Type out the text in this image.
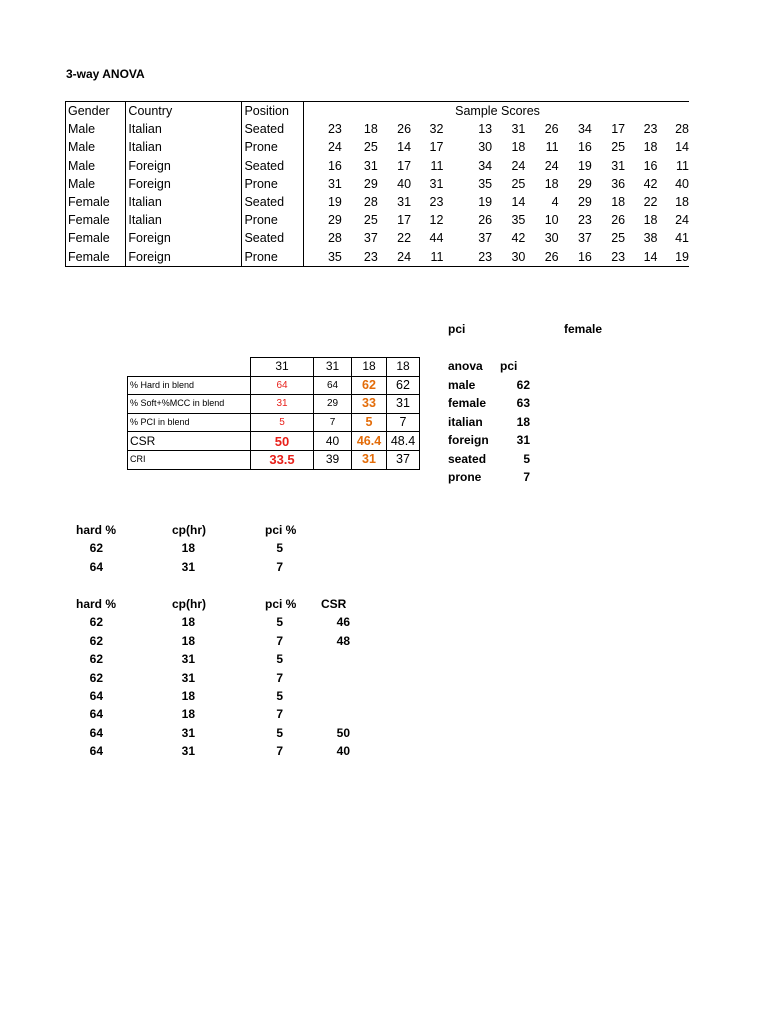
3-way ANOVA
Gender	Country	Position	Sample Scores										
Male	Italian	Seated	23	18	26	32	13	31	26	34	17	23	28
Male	Italian	Prone	24	25	14	17	30	18	11	16	25	18	14
Male	Foreign	Seated	16	31	17	11	34	24	24	19	31	16	11
Male	Foreign	Prone	31	29	40	31	35	25	18	29	36	42	40
Female	Italian	Seated	19	28	31	23	19	14	4	29	18	22	18
Female	Italian	Prone	29	25	17	12	26	35	10	23	26	18	24
Female	Foreign	Seated	28	37	22	44	37	42	30	37	25	38	41
Female	Foreign	Prone	35	23	24	11	23	30	26	16	23	14	19
pci	female
	31	31	18	18
% Hard in blend	64	64	62	62
% Soft+%MCC in blend	31	29	33	31
% PCI in blend	5	7	5	7
CSR	50	40	46.4	48.4
CRI	33.5	39	31	37
anova pci
male	62
female	63
italian	18
foreign	31
seated	5
prone	7
hard %	cp(hr)	pci %
62	18	5
64	31	7
hard %	cp(hr)	pci % CSR
62	18	5	46
62	18	7	48
62	31	5
62	31	7
64	18	5
64	18	7
64	31	5	50
64	31	7	40
